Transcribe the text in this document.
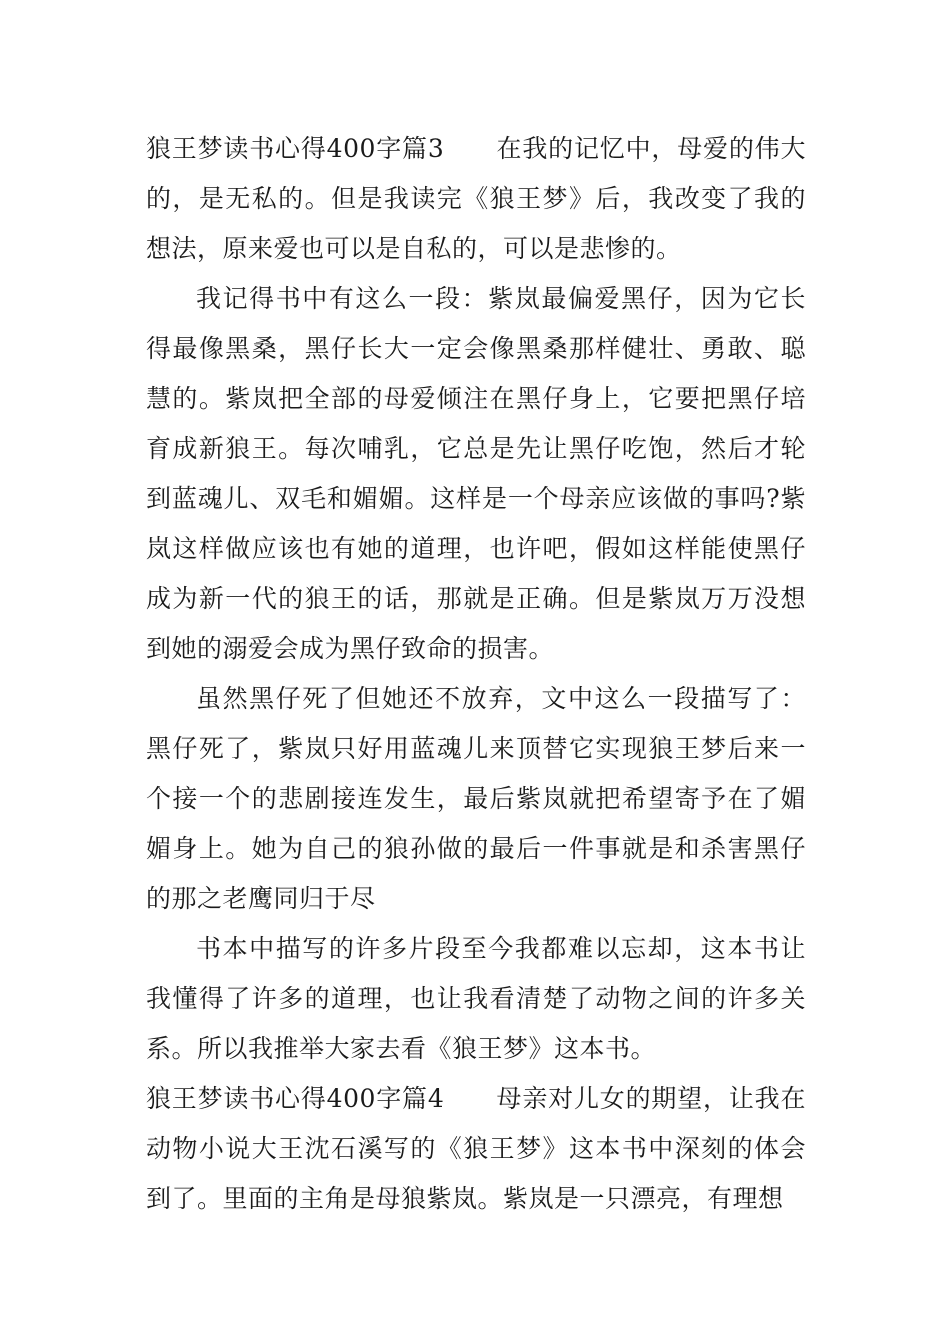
狼王梦读书心得400字篇3 在我的记忆中，母爱的伟大的，是无私的。但是我读完《狼王梦》后，我改变了我的想法，原来爱也可以是自私的，可以是悲惨的。

我记得书中有这么一段：紫岚最偏爱黑仔，因为它长得最像黑桑，黑仔长大一定会像黑桑那样健壮、勇敢、聪慧的。紫岚把全部的母爱倾注在黑仔身上，它要把黑仔培育成新狼王。每次哺乳，它总是先让黑仔吃饱，然后才轮到蓝魂儿、双毛和媚媚。这样是一个母亲应该做的事吗?紫岚这样做应该也有她的道理，也许吧，假如这样能使黑仔成为新一代的狼王的话，那就是正确。但是紫岚万万没想到她的溺爱会成为黑仔致命的损害。

虽然黑仔死了但她还不放弃，文中这么一段描写了：黑仔死了，紫岚只好用蓝魂儿来顶替它实现狼王梦后来一个接一个的悲剧接连发生，最后紫岚就把希望寄予在了媚媚身上。她为自己的狼孙做的最后一件事就是和杀害黑仔的那之老鹰同归于尽

书本中描写的许多片段至今我都难以忘却，这本书让我懂得了许多的道理，也让我看清楚了动物之间的许多关系。所以我推举大家去看《狼王梦》这本书。

狼王梦读书心得400字篇4 母亲对儿女的期望，让我在动物小说大王沈石溪写的《狼王梦》这本书中深刻的体会到了。里面的主角是母狼紫岚。紫岚是一只漂亮，有理想
